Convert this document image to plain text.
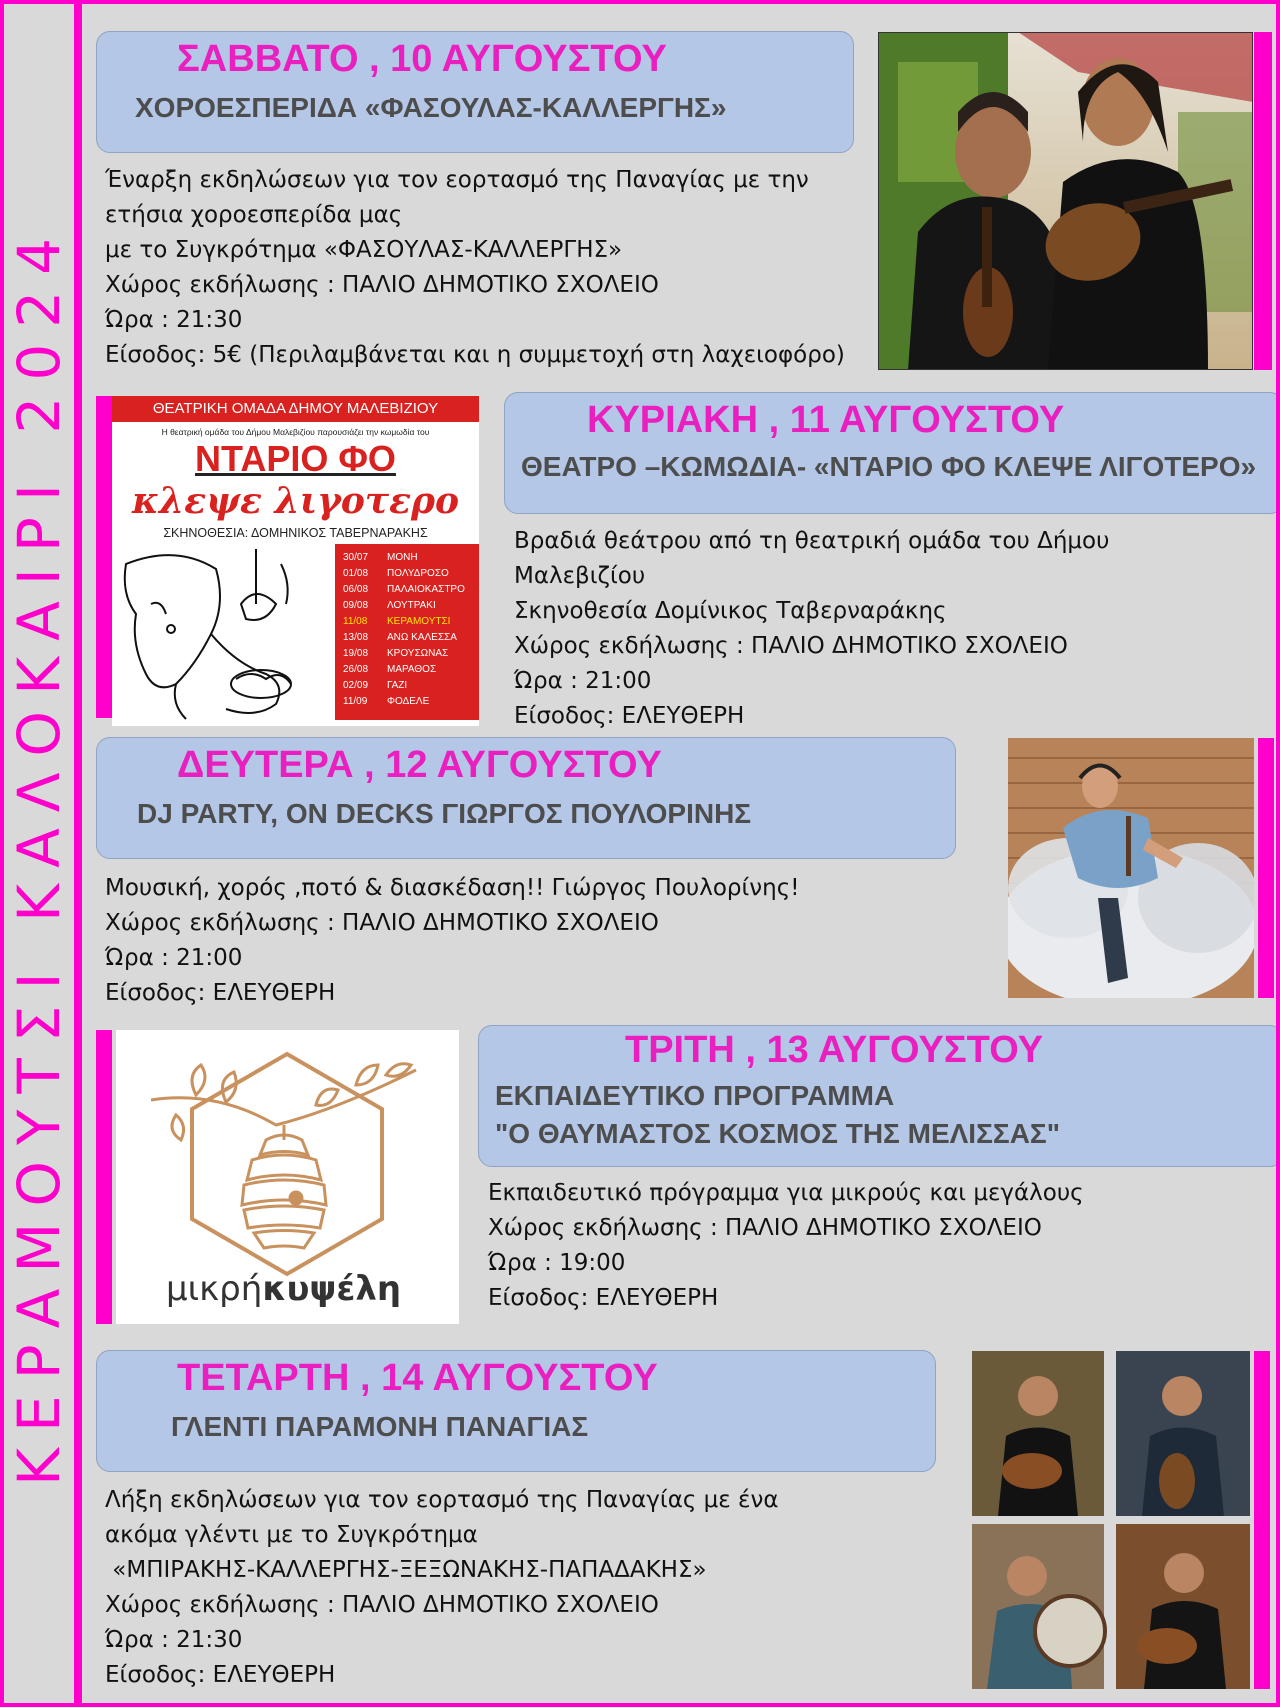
ΚΕΡΑΜΟΥΤΣΙ ΚΑΛΟΚΑΙΡΙ 2024
ΣΑΒΒΑΤΟ , 10 ΑΥΓΟΥΣΤΟΥ
ΧΟΡΟΕΣΠΕΡΙΔΑ «ΦΑΣΟΥΛΑΣ-ΚΑΛΛΕΡΓΗΣ»
Έναρξη εκδηλώσεων για τον εορτασμό της Παναγίας με την
ετήσια χοροεσπερίδα μας
με το Συγκρότημα «ΦΑΣΟΥΛΑΣ-ΚΑΛΛΕΡΓΗΣ»
Χώρος εκδήλωσης : ΠΑΛΙΟ ΔΗΜΟΤΙΚΟ ΣΧΟΛΕΙΟ
Ώρα : 21:30
Είσοδος: 5€ (Περιλαμβάνεται και η συμμετοχή στη λαχειοφόρο)
ΘΕΑΤΡΙΚΗ ΟΜΑΔΑ ΔΗΜΟΥ ΜΑΛΕΒΙΖΙΟΥ
Η θεατρική ομάδα του Δήμου Μαλεβιζίου παρουσιάζει την κωμωδία του
ΝΤΑΡΙΟ ΦΟ
κλεψε λιγοτερο
ΣΚΗΝΟΘΕΣΙΑ: ΔΟΜΗΝΙΚΟΣ ΤΑΒΕΡΝΑΡΑΚΗΣ
30/07	ΜΟΝΗ
01/08	ΠΟΛΥΔΡΟΣΟ
06/08	ΠΑΛΑΙΟΚΑΣΤΡΟ
09/08	ΛΟΥΤΡΑΚΙ
11/08	ΚΕΡΑΜΟΥΤΣΙ
13/08	ΑΝΩ ΚΑΛΕΣΣΑ
19/08	ΚΡΟΥΣΩΝΑΣ
26/08	ΜΑΡΑΘΟΣ
02/09	ΓΑΖΙ
11/09	ΦΟΔΕΛΕ
ΚΥΡΙΑΚΗ , 11 ΑΥΓΟΥΣΤΟΥ
ΘΕΑΤΡΟ –ΚΩΜΩΔΙΑ- «ΝΤΑΡΙΟ ΦΟ ΚΛΕΨΕ ΛΙΓΟΤΕΡΟ»
Βραδιά θεάτρου από τη θεατρική ομάδα του Δήμου
Μαλεβιζίου
Σκηνοθεσία Δομίνικος Ταβερναράκης
Χώρος εκδήλωσης : ΠΑΛΙΟ ΔΗΜΟΤΙΚΟ ΣΧΟΛΕΙΟ
Ώρα : 21:00
Είσοδος: ΕΛΕΥΘΕΡΗ
ΔΕΥΤΕΡΑ , 12 ΑΥΓΟΥΣΤΟΥ
DJ PARTY, ON DECKS ΓΙΩΡΓΟΣ ΠΟΥΛΟΡΙΝΗΣ
Μουσική, χορός ,ποτό & διασκέδαση!! Γιώργος Πουλορίνης!
Χώρος εκδήλωσης : ΠΑΛΙΟ ΔΗΜΟΤΙΚΟ ΣΧΟΛΕΙΟ
Ώρα : 21:00
Είσοδος: ΕΛΕΥΘΕΡΗ
μικρήκυψέλη
ΤΡΙΤΗ , 13 ΑΥΓΟΥΣΤΟΥ
ΕΚΠΑΙΔΕΥΤΙΚΟ ΠΡΟΓΡΑΜΜΑ
"Ο ΘΑΥΜΑΣΤΟΣ ΚΟΣΜΟΣ ΤΗΣ ΜΕΛΙΣΣΑΣ"
Εκπαιδευτικό πρόγραμμα για μικρούς και μεγάλους
Χώρος εκδήλωσης : ΠΑΛΙΟ ΔΗΜΟΤΙΚΟ ΣΧΟΛΕΙΟ
Ώρα : 19:00
Είσοδος: ΕΛΕΥΘΕΡΗ
ΤΕΤΑΡΤΗ , 14 ΑΥΓΟΥΣΤΟΥ
ΓΛΕΝΤΙ ΠΑΡΑΜΟΝΗ ΠΑΝΑΓΙΑΣ
Λήξη εκδηλώσεων για τον εορτασμό της Παναγίας με ένα
ακόμα γλέντι με το Συγκρότημα
«ΜΠΙΡΑΚΗΣ-ΚΑΛΛΕΡΓΗΣ-ΞΕΞΩΝΑΚΗΣ-ΠΑΠΑΔΑΚΗΣ»
Χώρος εκδήλωσης : ΠΑΛΙΟ ΔΗΜΟΤΙΚΟ ΣΧΟΛΕΙΟ
Ώρα : 21:30
Είσοδος: ΕΛΕΥΘΕΡΗ
